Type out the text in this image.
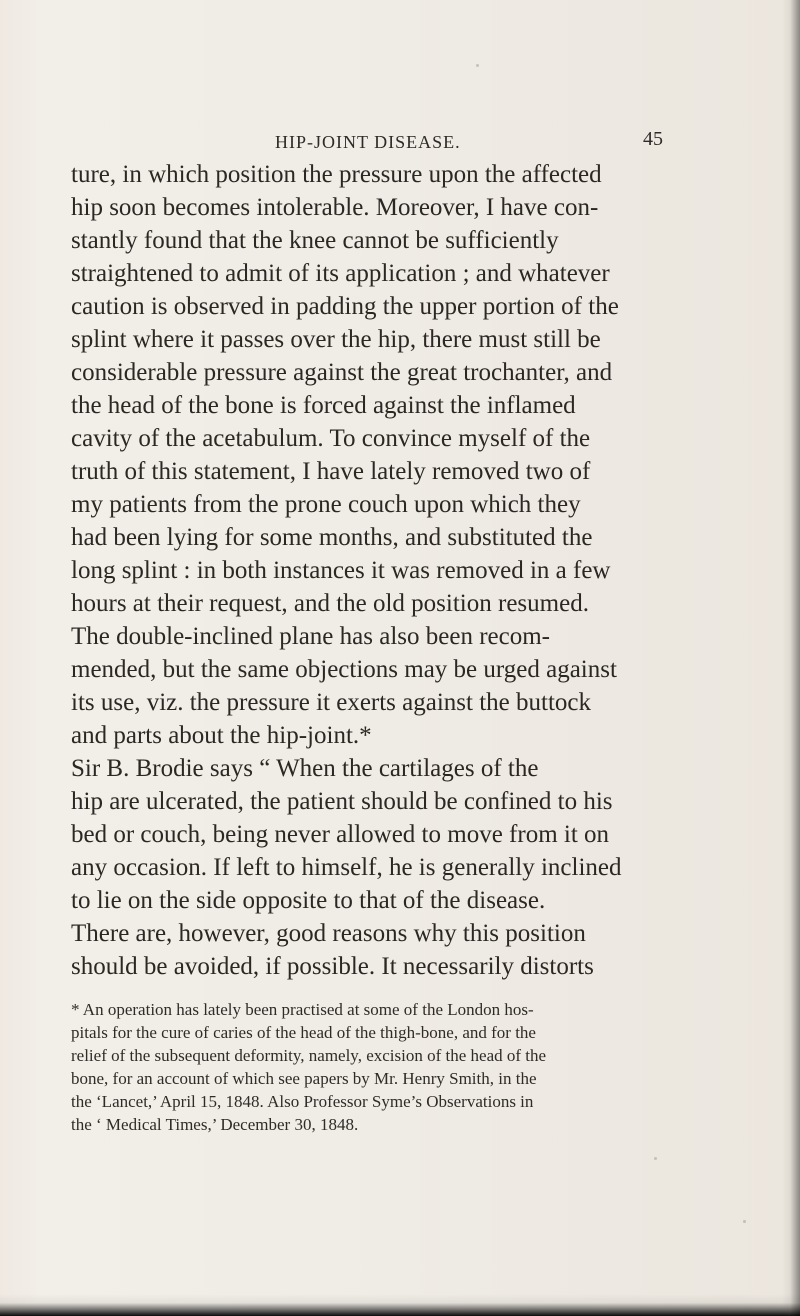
HIP-JOINT DISEASE.	45
ture, in which position the pressure upon the affected
hip soon becomes intolerable. Moreover, I have con-
stantly found that the knee cannot be sufficiently
straightened to admit of its application ; and whatever
caution is observed in padding the upper portion of the
splint where it passes over the hip, there must still be
considerable pressure against the great trochanter, and
the head of the bone is forced against the inflamed
cavity of the acetabulum. To convince myself of the
truth of this statement, I have lately removed two of
my patients from the prone couch upon which they
had been lying for some months, and substituted the
long splint : in both instances it was removed in a few
hours at their request, and the old position resumed.
The double-inclined plane has also been recom-
mended, but the same objections may be urged against
its use, viz. the pressure it exerts against the buttock
and parts about the hip-joint.*
Sir B. Brodie says “ When the cartilages of the
hip are ulcerated, the patient should be confined to his
bed or couch, being never allowed to move from it on
any occasion. If left to himself, he is generally inclined
to lie on the side opposite to that of the disease.
There are, however, good reasons why this position
should be avoided, if possible. It necessarily distorts
* An operation has lately been practised at some of the London hos-
pitals for the cure of caries of the head of the thigh-bone, and for the
relief of the subsequent deformity, namely, excision of the head of the
bone, for an account of which see papers by Mr. Henry Smith, in the
the ‘Lancet,’ April 15, 1848. Also Professor Syme’s Observations in
the ‘ Medical Times,’ December 30, 1848.
